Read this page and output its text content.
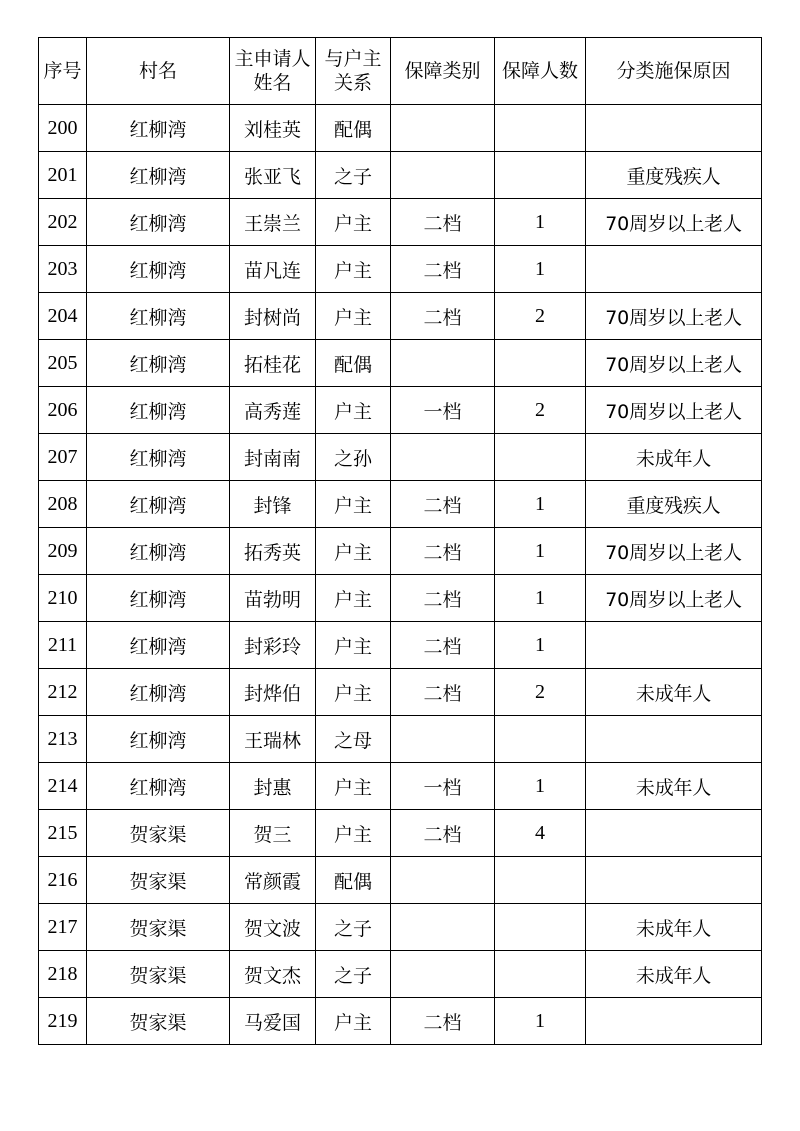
序号	村名	主申请人姓名	与户主关系	保障类别	保障人数	分类施保原因
200	红柳湾	刘桂英	配偶			
201	红柳湾	张亚飞	之子			重度残疾人
202	红柳湾	王崇兰	户主	二档	1	70周岁以上老人
203	红柳湾	苗凡连	户主	二档	1	
204	红柳湾	封树尚	户主	二档	2	70周岁以上老人
205	红柳湾	拓桂花	配偶			70周岁以上老人
206	红柳湾	高秀莲	户主	一档	2	70周岁以上老人
207	红柳湾	封南南	之孙			未成年人
208	红柳湾	封锋	户主	二档	1	重度残疾人
209	红柳湾	拓秀英	户主	二档	1	70周岁以上老人
210	红柳湾	苗勃明	户主	二档	1	70周岁以上老人
211	红柳湾	封彩玲	户主	二档	1	
212	红柳湾	封烨伯	户主	二档	2	未成年人
213	红柳湾	王瑞林	之母			
214	红柳湾	封惠	户主	一档	1	未成年人
215	贺家渠	贺三	户主	二档	4	
216	贺家渠	常颜霞	配偶			
217	贺家渠	贺文波	之子			未成年人
218	贺家渠	贺文杰	之子			未成年人
219	贺家渠	马爱国	户主	二档	1	
